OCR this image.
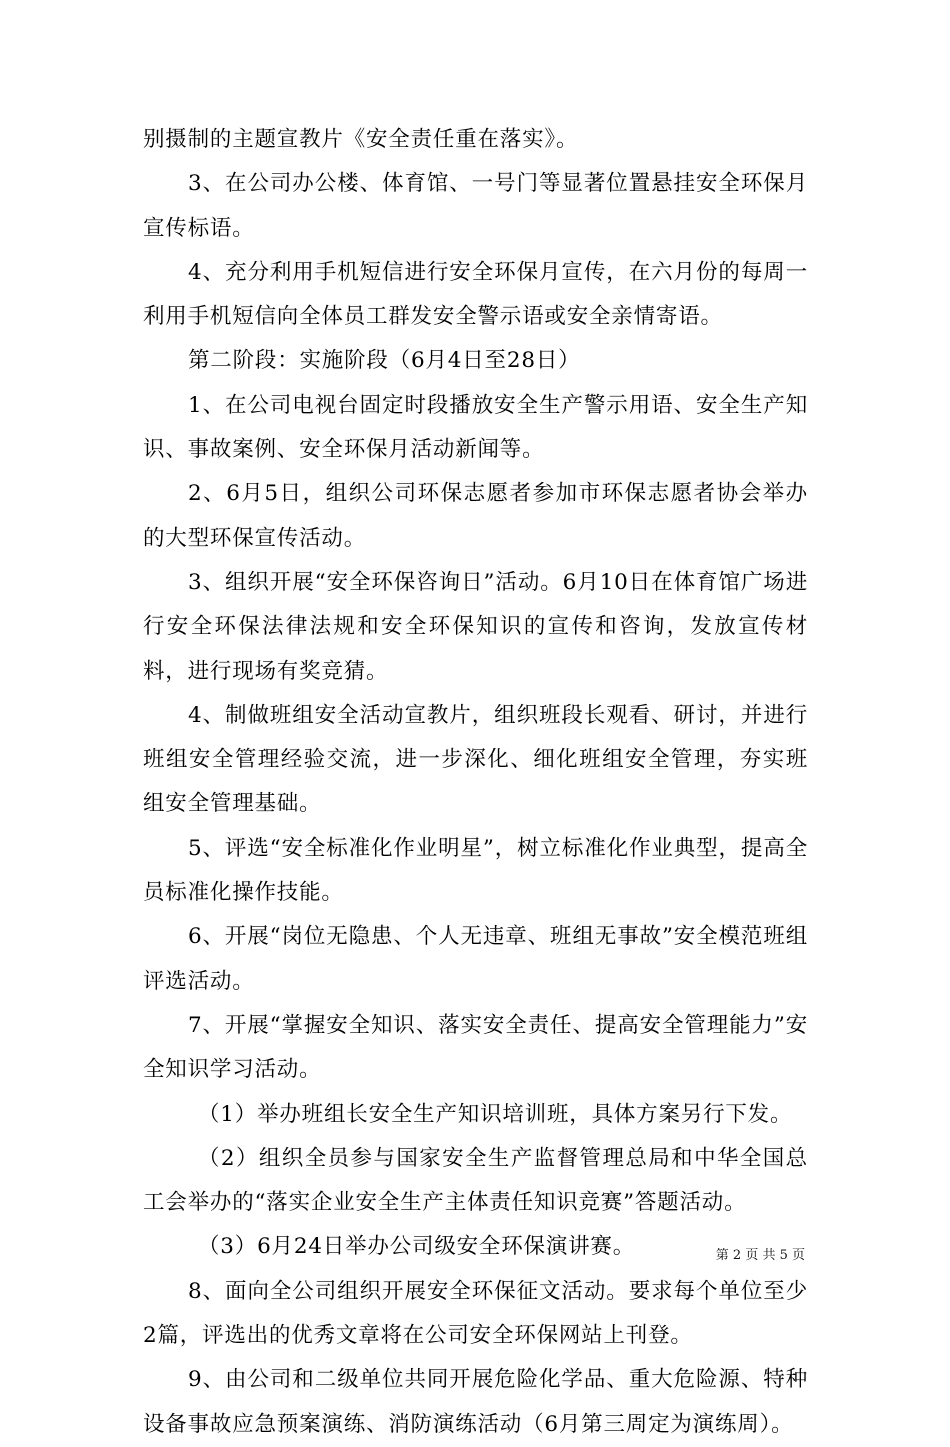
别摄制的主题宣教片《安全责任重在落实》。

3、在公司办公楼、体育馆、一号门等显著位置悬挂安全环保月宣传标语。

4、充分利用手机短信进行安全环保月宣传，在六月份的每周一利用手机短信向全体员工群发安全警示语或安全亲情寄语。

第二阶段：实施阶段（6月4日至28日）

1、在公司电视台固定时段播放安全生产警示用语、安全生产知识、事故案例、安全环保月活动新闻等。

2、6月5日，组织公司环保志愿者参加市环保志愿者协会举办的大型环保宣传活动。

3、组织开展“安全环保咨询日”活动。6月10日在体育馆广场进行安全环保法律法规和安全环保知识的宣传和咨询，发放宣传材料，进行现场有奖竞猜。

4、制做班组安全活动宣教片，组织班段长观看、研讨，并进行班组安全管理经验交流，进一步深化、细化班组安全管理，夯实班组安全管理基础。

5、评选“安全标准化作业明星”，树立标准化作业典型，提高全员标准化操作技能。

6、开展“岗位无隐患、个人无违章、班组无事故”安全模范班组评选活动。

7、开展“掌握安全知识、落实安全责任、提高安全管理能力”安全知识学习活动。

（1）举办班组长安全生产知识培训班，具体方案另行下发。

（2）组织全员参与国家安全生产监督管理总局和中华全国总工会举办的“落实企业安全生产主体责任知识竞赛”答题活动。

（3）6月24日举办公司级安全环保演讲赛。

8、面向全公司组织开展安全环保征文活动。要求每个单位至少2篇，评选出的优秀文章将在公司安全环保网站上刊登。

9、由公司和二级单位共同开展危险化学品、重大危险源、特种设备事故应急预案演练、消防演练活动（6月第三周定为演练周）。

第 2 页 共 5 页
